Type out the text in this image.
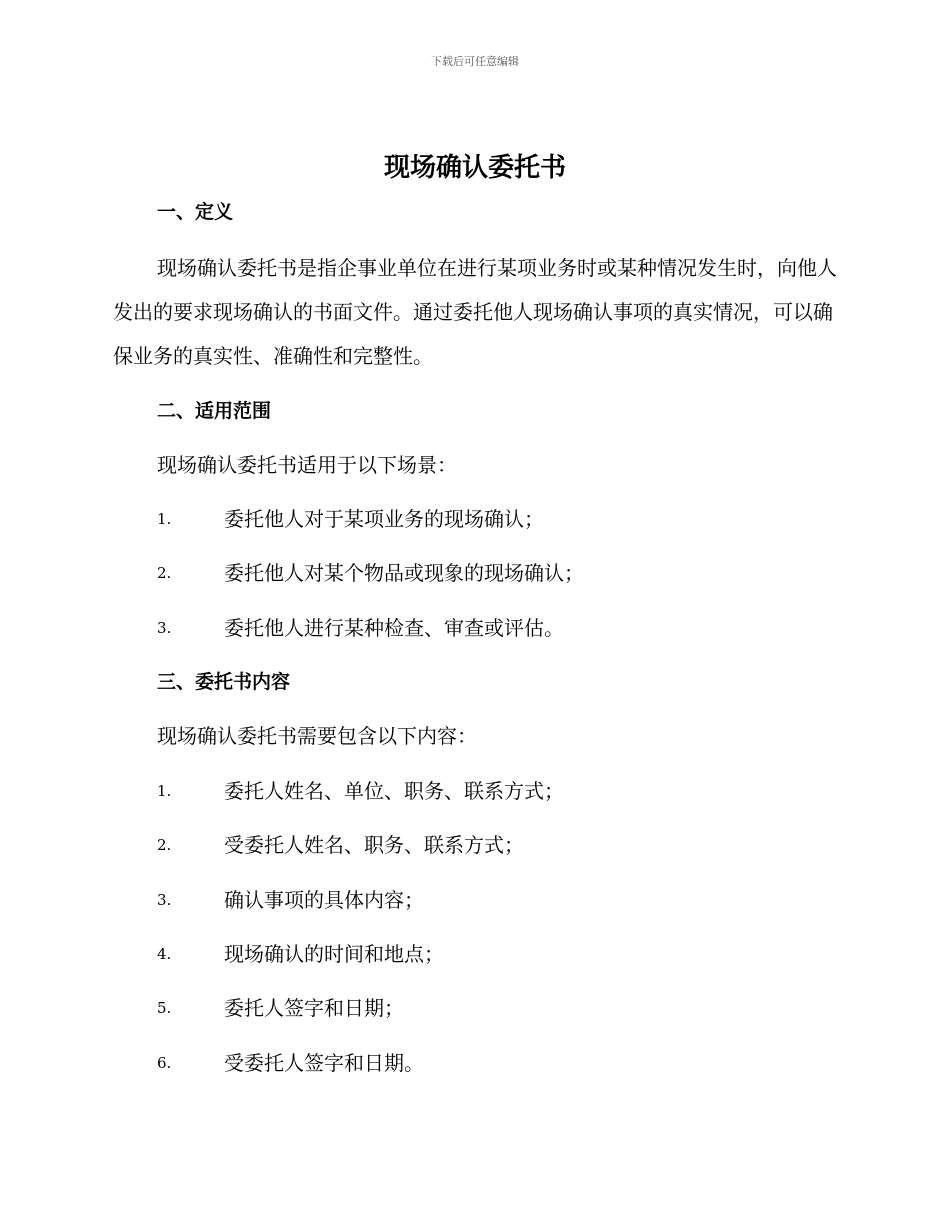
下载后可任意编辑
现场确认委托书
一、定义
现场确认委托书是指企事业单位在进行某项业务时或某种情况发生时，向他人发出的要求现场确认的书面文件。通过委托他人现场确认事项的真实情况，可以确保业务的真实性、准确性和完整性。
二、适用范围
现场确认委托书适用于以下场景：
1.	委托他人对于某项业务的现场确认；
2.	委托他人对某个物品或现象的现场确认；
3.	委托他人进行某种检查、审查或评估。
三、委托书内容
现场确认委托书需要包含以下内容：
1.	委托人姓名、单位、职务、联系方式；
2.	受委托人姓名、职务、联系方式；
3.	确认事项的具体内容；
4.	现场确认的时间和地点；
5.	委托人签字和日期；
6.	受委托人签字和日期。
